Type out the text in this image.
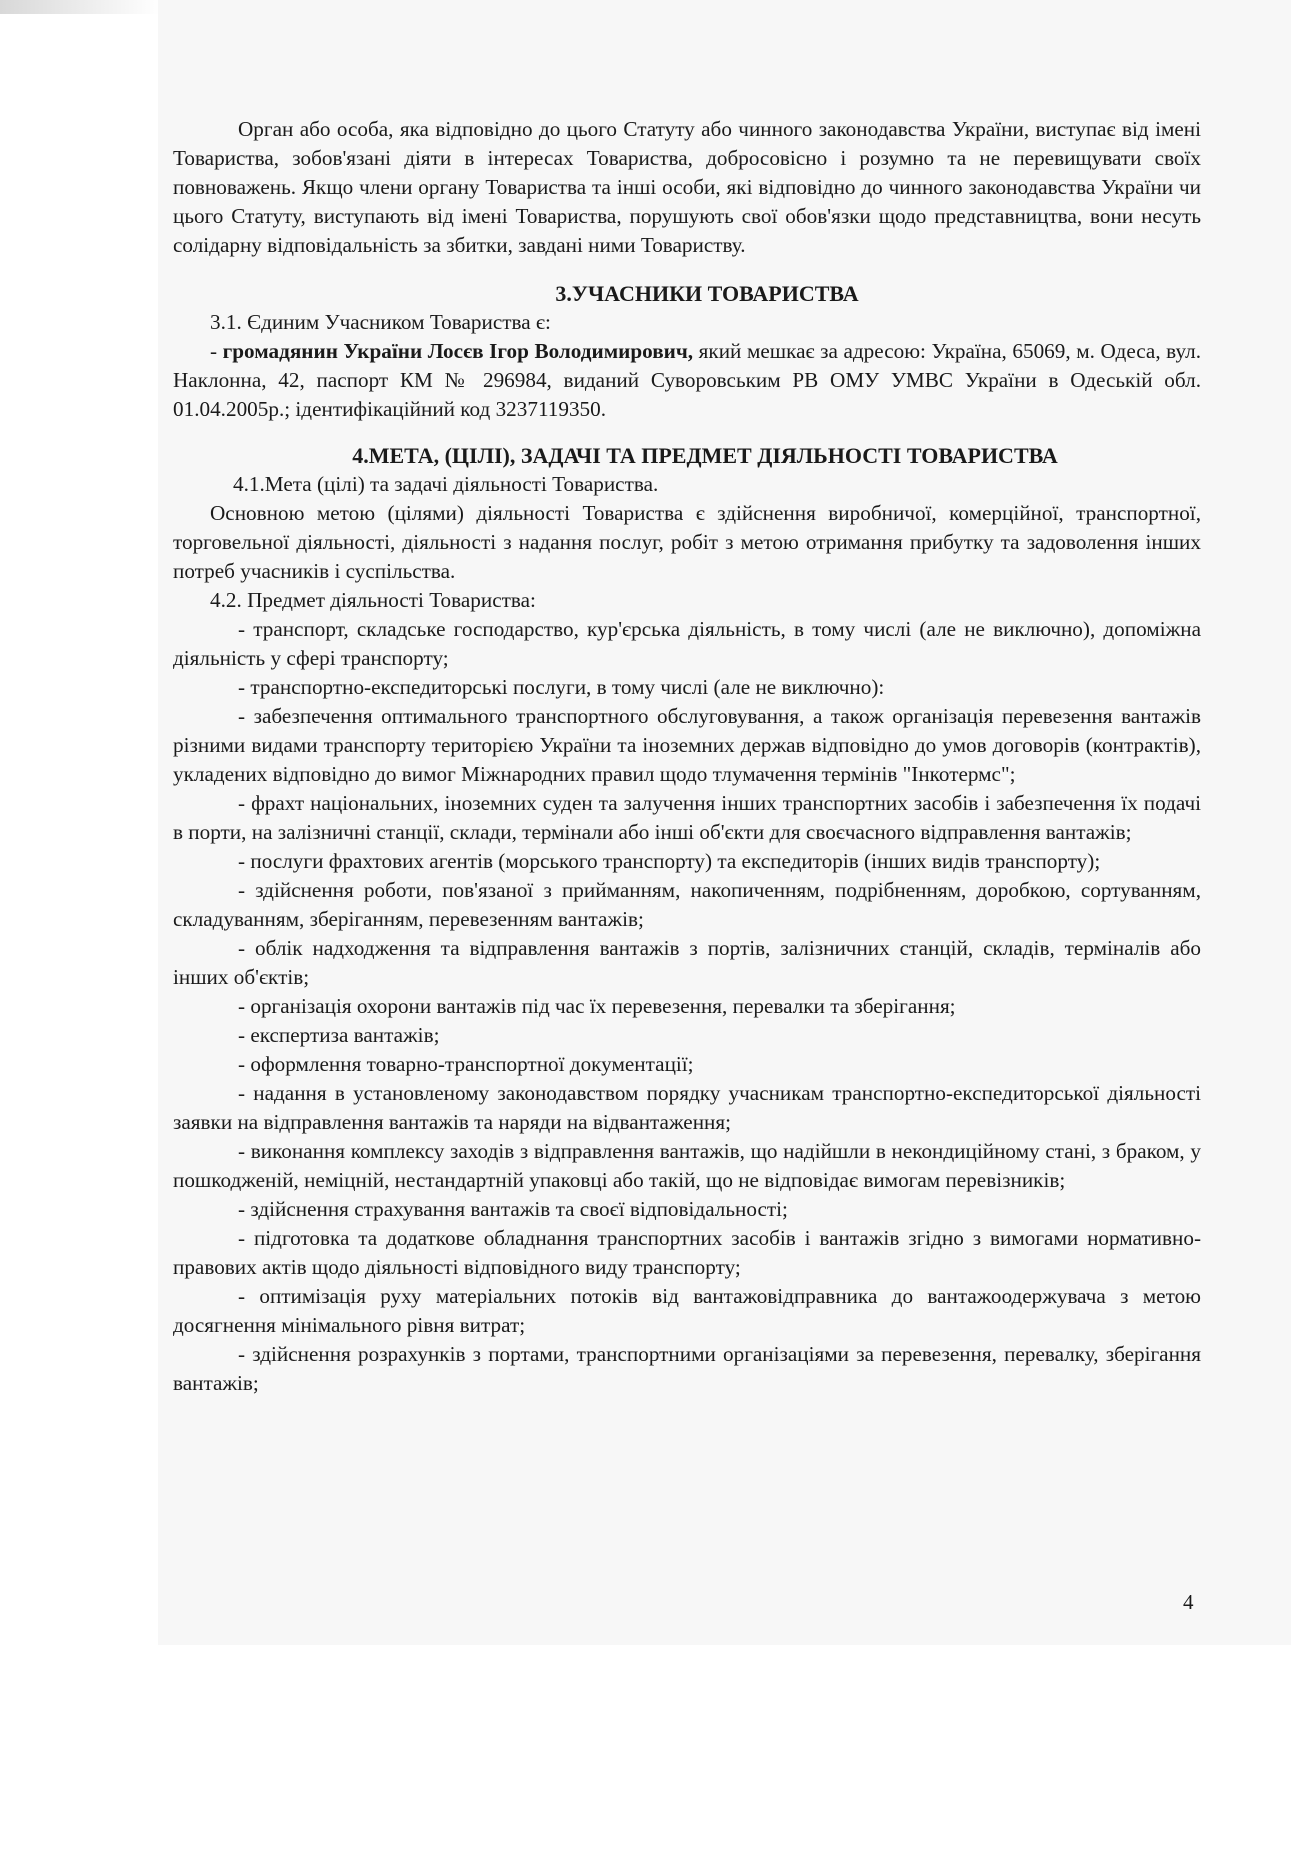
Орган або особа, яка відповідно до цього Статуту або чинного законодавства України, виступає від імені Товариства, зобов'язані діяти в інтересах Товариства, добросовісно і розумно та не перевищувати своїх повноважень. Якщо члени органу Товариства та інші особи, які відповідно до чинного законодавства України чи цього Статуту, виступають від імені Товариства, порушують свої обов'язки щодо представництва, вони несуть солідарну відповідальність за збитки, завдані ними Товариству.

3.УЧАСНИКИ ТОВАРИСТВА

3.1. Єдиним Учасником Товариства є:

- громадянин України Лосєв Ігор Володимирович, який мешкає за адресою: Україна, 65069, м. Одеса, вул. Наклонна, 42, паспорт КМ № 296984, виданий Суворовським РВ ОМУ УМВС України в Одеській обл. 01.04.2005р.; ідентифікаційний код 3237119350.

4.МЕТА, (ЦІЛІ), ЗАДАЧІ ТА ПРЕДМЕТ ДІЯЛЬНОСТІ ТОВАРИСТВА

4.1.Мета (цілі) та задачі діяльності Товариства.

Основною метою (цілями) діяльності Товариства є здійснення виробничої, комерційної, транспортної, торговельної діяльності, діяльності з надання послуг, робіт з метою отримання прибутку та задоволення інших потреб учасників і суспільства.

4.2. Предмет діяльності Товариства:

- транспорт, складське господарство, кур'єрська діяльність, в тому числі (але не виключно), допоміжна діяльність у сфері транспорту;

- транспортно-експедиторські послуги, в тому числі (але не виключно):

- забезпечення оптимального транспортного обслуговування, а також організація перевезення вантажів різними видами транспорту територією України та іноземних держав відповідно до умов договорів (контрактів), укладених відповідно до вимог Міжнародних правил щодо тлумачення термінів "Інкотермс";

- фрахт національних, іноземних суден та залучення інших транспортних засобів і забезпечення їх подачі в порти, на залізничні станції, склади, термінали або інші об'єкти для своєчасного відправлення вантажів;

- послуги фрахтових агентів (морського транспорту) та експедиторів (інших видів транспорту);

- здійснення роботи, пов'язаної з прийманням, накопиченням, подрібненням, доробкою, сортуванням, складуванням, зберіганням, перевезенням вантажів;

- облік надходження та відправлення вантажів з портів, залізничних станцій, складів, терміналів або інших об'єктів;

- організація охорони вантажів під час їх перевезення, перевалки та зберігання;

- експертиза вантажів;

- оформлення товарно-транспортної документації;

- надання в установленому законодавством порядку учасникам транспортно-експедиторської діяльності заявки на відправлення вантажів та наряди на відвантаження;

- виконання комплексу заходів з відправлення вантажів, що надійшли в некондиційному стані, з браком, у пошкодженій, неміцній, нестандартній упаковці або такій, що не відповідає вимогам перевізників;

- здійснення страхування вантажів та своєї відповідальності;

- підготовка та додаткове обладнання транспортних засобів і вантажів згідно з вимогами нормативно-правових актів щодо діяльності відповідного виду транспорту;

- оптимізація руху матеріальних потоків від вантажовідправника до вантажоодержувача з метою досягнення мінімального рівня витрат;

- здійснення розрахунків з портами, транспортними організаціями за перевезення, перевалку, зберігання вантажів;

4
